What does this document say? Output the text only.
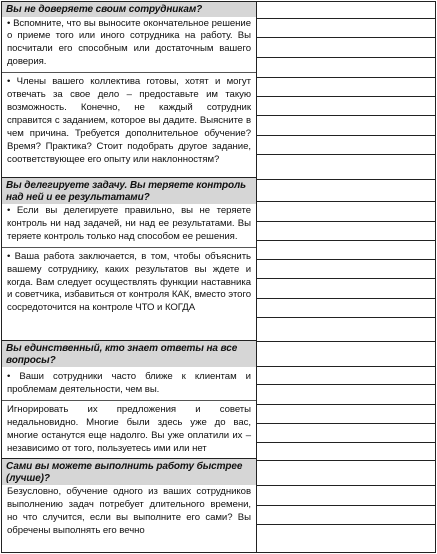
Вы не доверяете своим сотрудникам?
• Вспомните, что вы выносите окончательное решение о приеме того или иного сотрудника на работу. Вы посчитали его способным или достаточным вашего доверия.
• Члены вашего коллектива готовы, хотят и могут отвечать за свое дело – предоставьте им такую возможность. Конечно, не каждый сотрудник справится с заданием, которое вы дадите. Выясните в чем причина. Требуется дополнительное обучение? Время? Практика? Стоит подобрать другое задание, соответствующее его опыту или наклонностям?
Вы делегируете задачу. Вы теряете контроль над ней и ее результатами?
• Если вы делегируете правильно, вы не теряете контроль ни над задачей, ни над ее результатами. Вы теряете контроль только над способом ее решения.
• Ваша работа заключается, в том, чтобы объяснить вашему сотруднику, каких результатов вы ждете и когда. Вам следует осуществлять функции наставника и советчика, избавиться от контроля КАК, вместо этого сосредоточится на контроле ЧТО и КОГДА
Вы единственный, кто знает ответы на все вопросы?
• Ваши сотрудники часто ближе к клиентам и проблемам деятельности, чем вы.
Игнорировать их предложения и советы недальновидно. Многие были здесь уже до вас, многие останутся еще надолго. Вы уже оплатили их – независимо от того, пользуетесь ими или нет
Сами вы можете выполнить работу быстрее (лучше)?
Безусловно, обучение одного из ваших сотрудников выполнению задач потребует длительного времени, но что случится, если вы выполните его сами? Вы обречены выполнять его вечно
